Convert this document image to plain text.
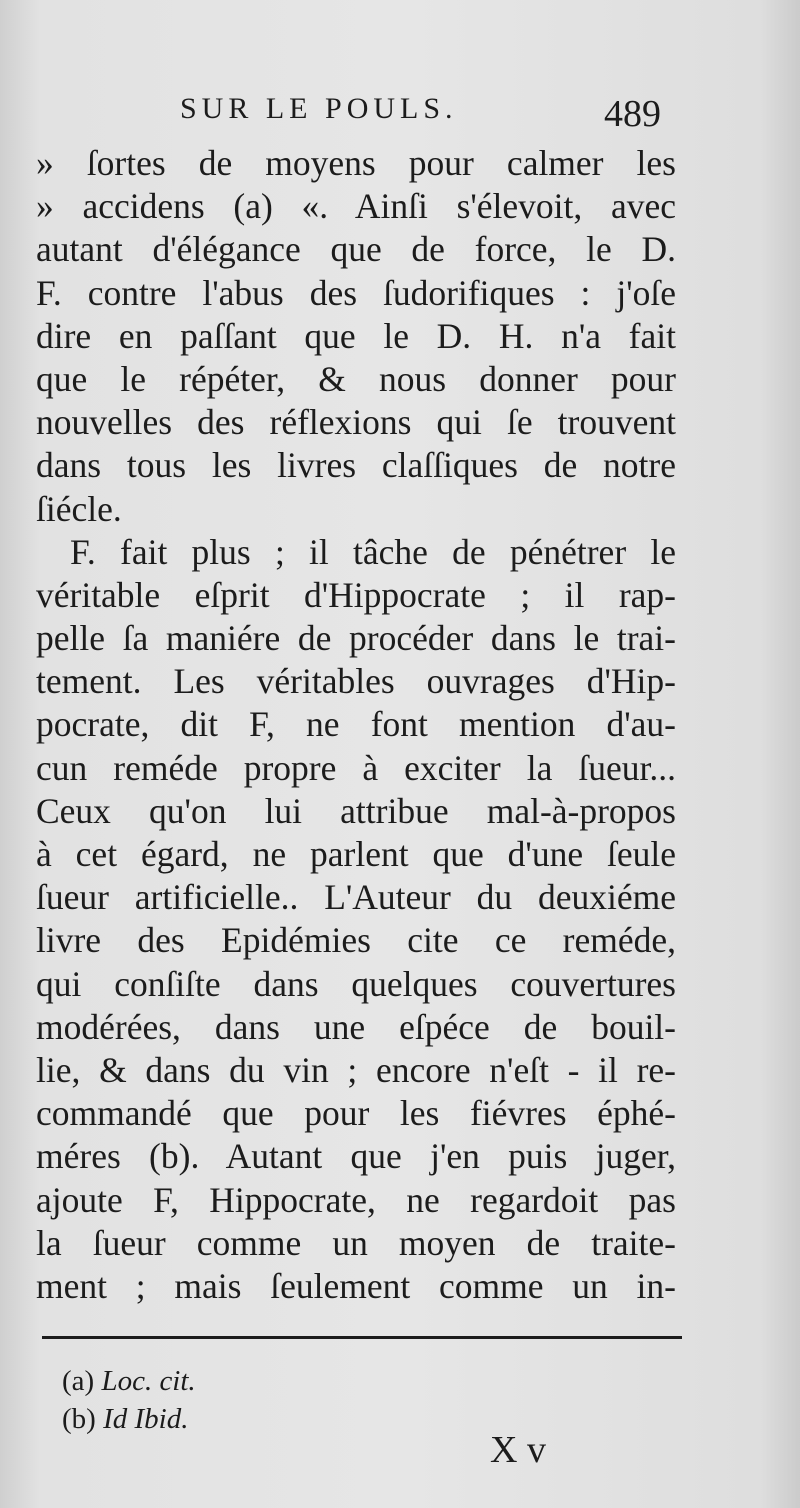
SUR LE POULS.	489
» ſortes de moyens pour calmer les
» accidens (a) «. Ainſi s'élevoit, avec
autant d'élégance que de force, le D.
F. contre l'abus des ſudorifiques : j'oſe
dire en paſſant que le D. H. n'a fait
que le répéter, & nous donner pour
nouvelles des réflexions qui ſe trouvent
dans tous les livres claſſiques de notre
ſiécle.
F. fait plus ; il tâche de pénétrer le
véritable eſprit d'Hippocrate ; il rap-
pelle ſa maniére de procéder dans le trai-
tement. Les véritables ouvrages d'Hip-
pocrate, dit F, ne font mention d'au-
cun reméde propre à exciter la ſueur...
Ceux qu'on lui attribue mal-à-propos
à cet égard, ne parlent que d'une ſeule
ſueur artificielle.. L'Auteur du deuxiéme
livre des Epidémies cite ce reméde,
qui conſiſte dans quelques couvertures
modérées, dans une eſpéce de bouil-
lie, & dans du vin ; encore n'eſt - il re-
commandé que pour les fiévres éphé-
méres (b). Autant que j'en puis juger,
ajoute F, Hippocrate, ne regardoit pas
la ſueur comme un moyen de traite-
ment ; mais ſeulement comme un in-
(a) Loc. cit.
(b) Id Ibid.
X v
